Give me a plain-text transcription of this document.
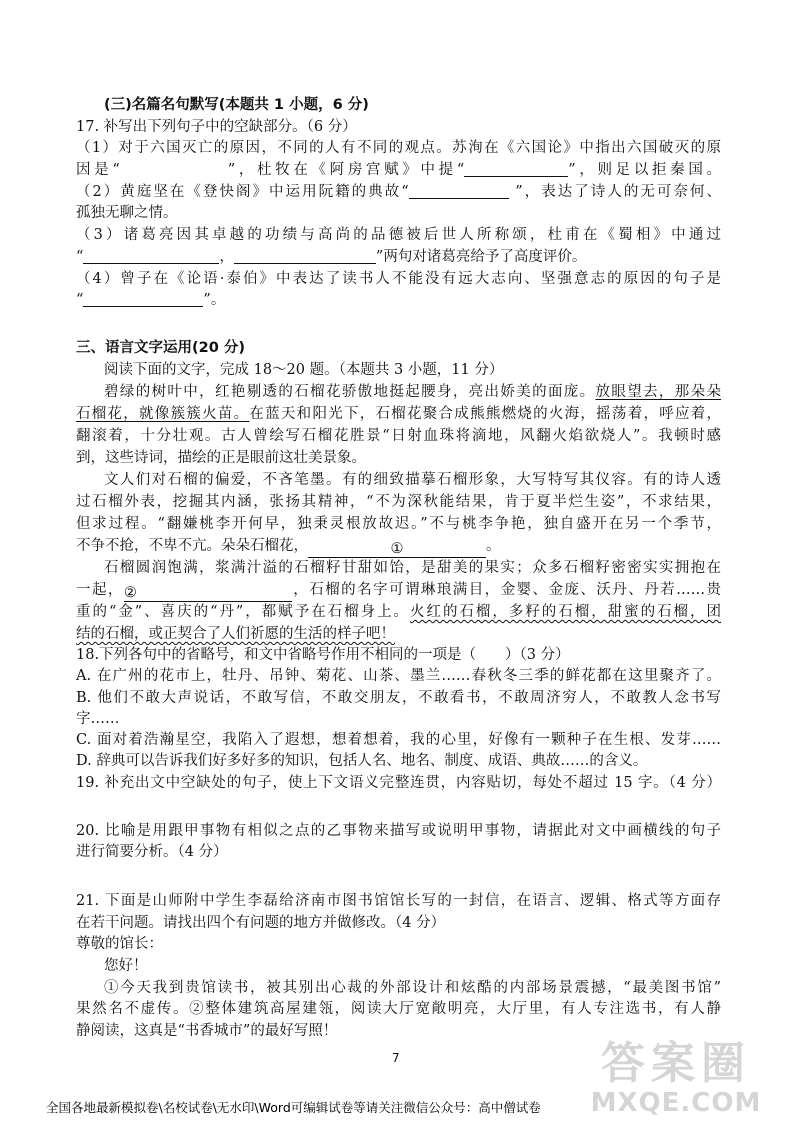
(三)名篇名句默写(本题共 1 小题，6 分)
17. 补写出下列句子中的空缺部分。（6 分）
（1）对于六国灭亡的原因，不同的人有不同的观点。苏洵在《六国论》中指出六国破灭的原
因是“	”，杜牧在《阿房宫赋》中提“	”，则足以拒秦国。
（2）黄庭坚在《登快阁》中运用阮籍的典故“	”，表达了诗人的无可奈何、
孤独无聊之情。
（3）诸葛亮因其卓越的功绩与高尚的品德被后世人所称颂，杜甫在《蜀相》中通过
“	，	”两句对诸葛亮给予了高度评价。
（4）曾子在《论语·泰伯》中表达了读书人不能没有远大志向、坚强意志的原因的句子是
“	”。
三、语言文字运用(20 分)
阅读下面的文字，完成 18～20 题。（本题共 3 小题，11 分）
碧绿的树叶中，红艳剔透的石榴花骄傲地挺起腰身，亮出娇美的面庞。放眼望去，那朵朵
石榴花，就像簇簇火苗。在蓝天和阳光下，石榴花聚合成熊熊燃烧的火海，摇荡着，呼应着，
翻滚着，十分壮观。古人曾绘写石榴花胜景“日射血珠将滴地，风翻火焰欲烧人”。我顿时感
到，这些诗词，描绘的正是眼前这壮美景象。
文人们对石榴的偏爱，不吝笔墨。有的细致描摹石榴形象，大写特写其仪容。有的诗人透
过石榴外表，挖掘其内涵，张扬其精神，“不为深秋能结果，肯于夏半烂生姿”，不求结果，
但求过程。“翻嫌桃李开何早，独秉灵根放故迟。”不与桃李争艳，独自盛开在另一个季节，
不争不抢，不卑不亢。朵朵石榴花，	①	。
石榴圆润饱满，浆满汁溢的石榴籽甘甜如饴，是甜美的果实；众多石榴籽密密实实拥抱在
一起，②	，石榴的名字可谓琳琅满目，金婴、金庞、沃丹、丹若……贵
重的“金”、喜庆的“丹”，都赋予在石榴身上。火红的石榴，多籽的石榴，甜蜜的石榴，团
结的石榴，或正契合了人们祈愿的生活的样子吧！
18.下列各句中的省略号，和文中省略号作用不相同的一项是（　　）（3 分）
A. 在广州的花市上，牡丹、吊钟、菊花、山茶、墨兰……春秋冬三季的鲜花都在这里聚齐了。
B. 他们不敢大声说话，不敢写信，不敢交朋友，不敢看书，不敢周济穷人，不敢教人念书写
字……
C. 面对着浩瀚星空，我陷入了遐想，想着想着，我的心里，好像有一颗种子在生根、发芽……
D. 辞典可以告诉我们好多好多的知识，包括人名、地名、制度、成语、典故……的含义。
19. 补充出文中空缺处的句子，使上下文语义完整连贯，内容贴切，每处不超过 15 字。（4 分）
20. 比喻是用跟甲事物有相似之点的乙事物来描写或说明甲事物，请据此对文中画横线的句子
进行简要分析。（4 分）
21. 下面是山师附中学生李磊给济南市图书馆馆长写的一封信，在语言、逻辑、格式等方面存
在若干问题。请找出四个有问题的地方并做修改。（4 分）
尊敬的馆长：
您好！
①今天我到贵馆读书，被其别出心裁的外部设计和炫酷的内部场景震撼，“最美图书馆”
果然名不虚传。②整体建筑高屋建瓴，阅读大厅宽敞明亮，大厅里，有人专注选书，有人静
静阅读，这真是“书香城市”的最好写照！
7	答案圈
MXQE.COM
全国各地最新模拟卷\名校试卷\无水印\Word可编辑试卷等请关注微信公众号：高中僧试卷
